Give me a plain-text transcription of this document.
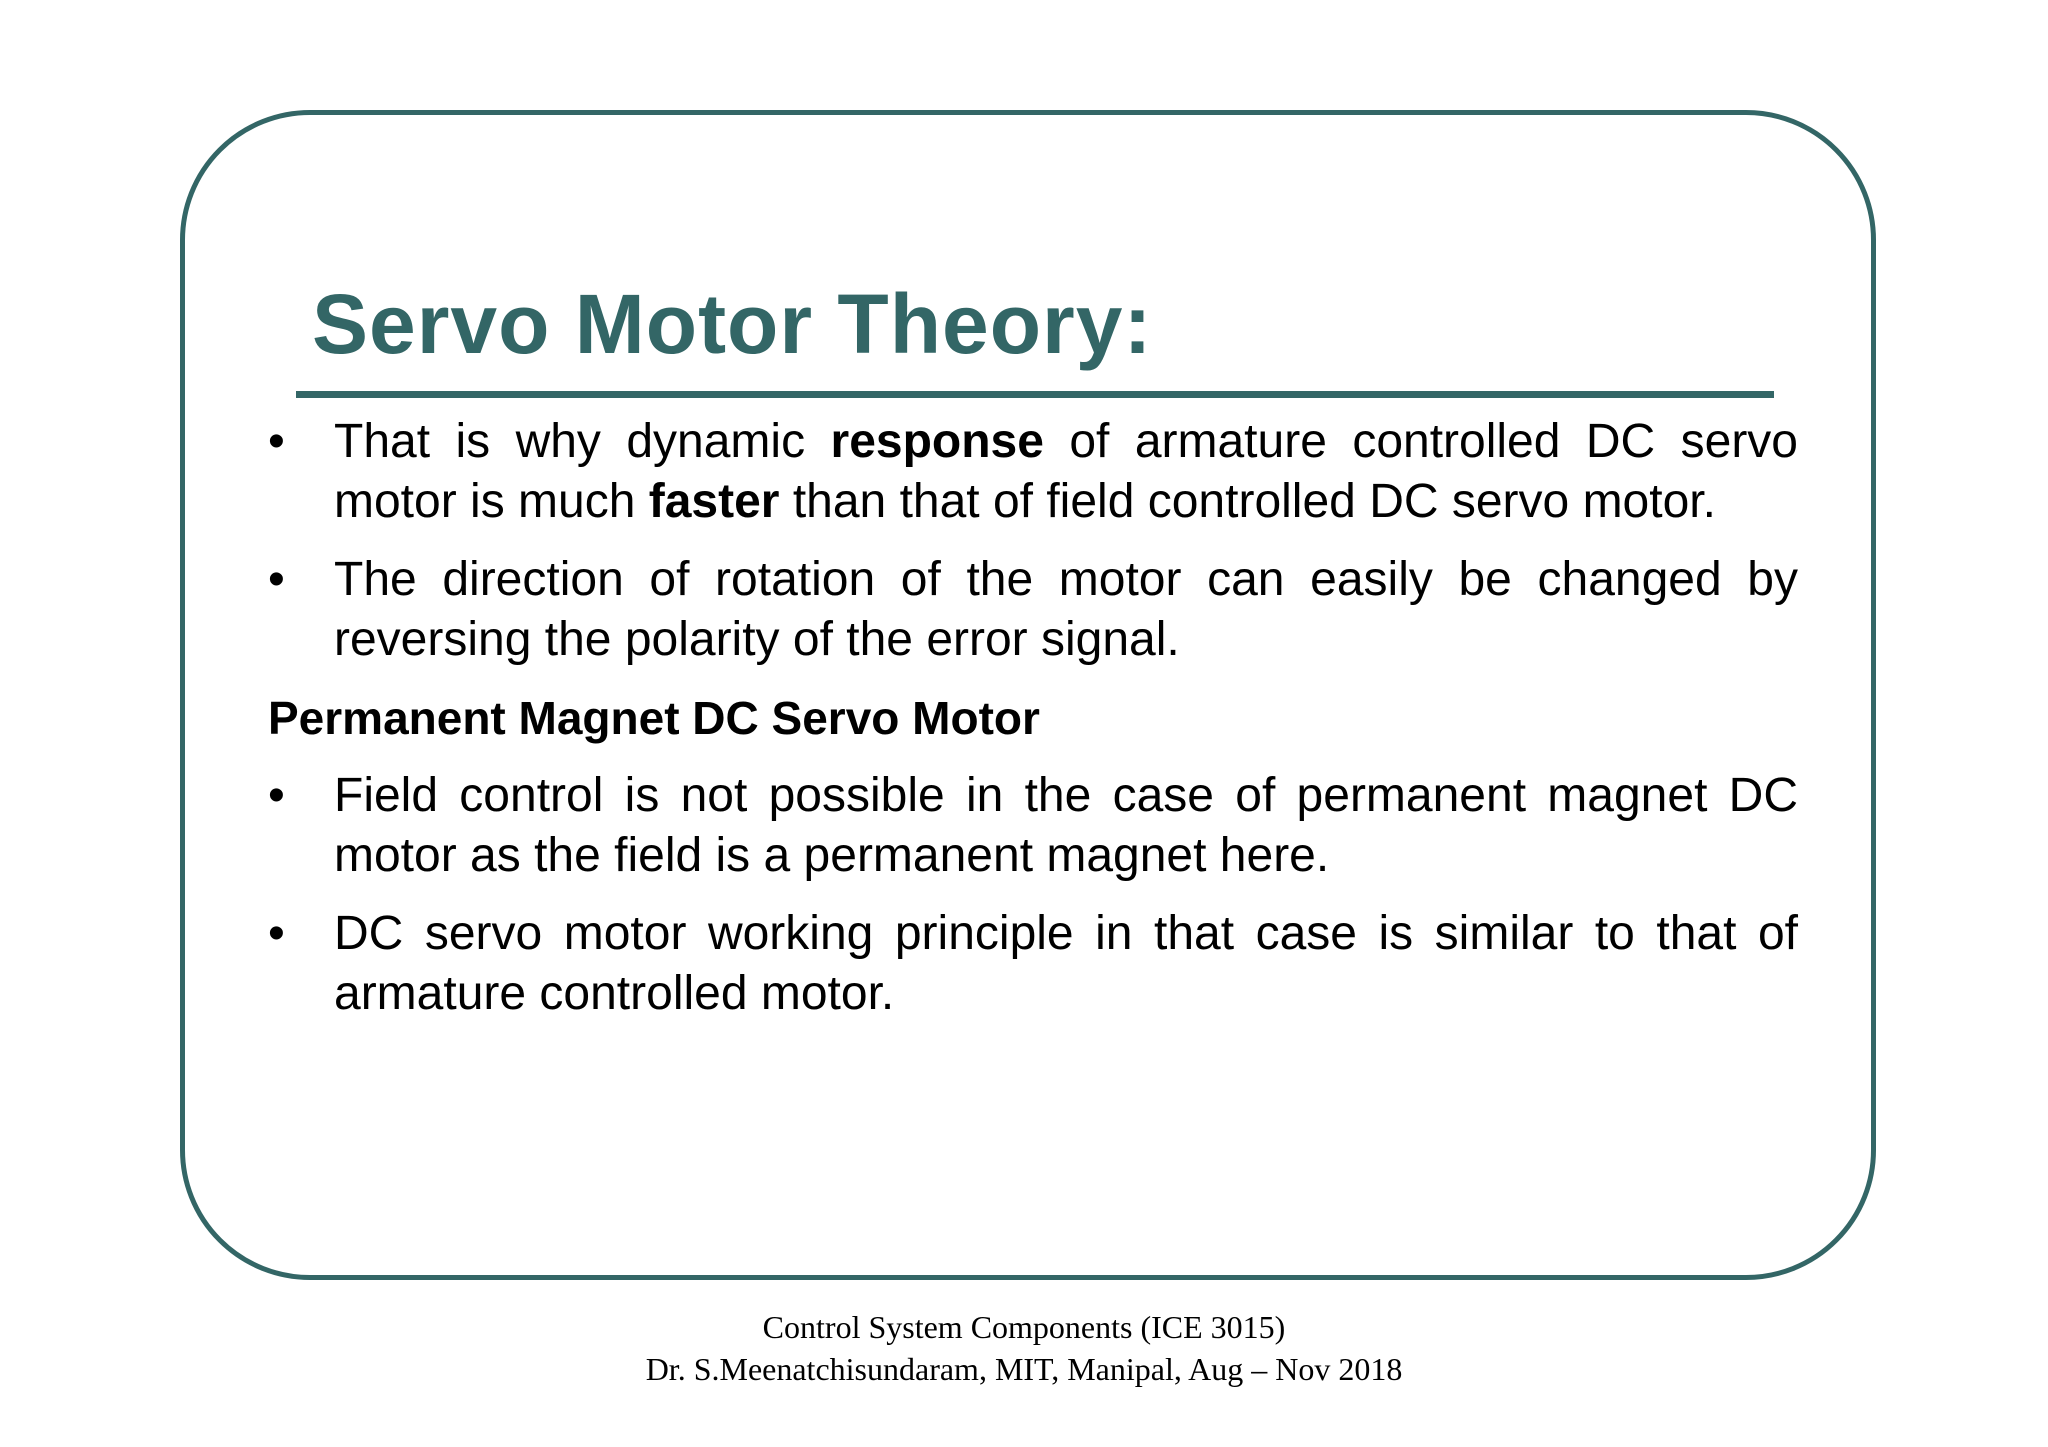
Servo Motor Theory:
•	That is why dynamic response of armature controlled DC servo motor is much faster than that of field controlled DC servo motor.
•	The direction of rotation of the motor can easily be changed by reversing the polarity of the error signal.
Permanent Magnet DC Servo Motor
•	Field control is not possible in the case of permanent magnet DC motor as the field is a permanent magnet here.
•	DC servo motor working principle in that case is similar to that of armature controlled motor.
Control System Components (ICE 3015)
Dr. S.Meenatchisundaram, MIT, Manipal, Aug – Nov 2018
